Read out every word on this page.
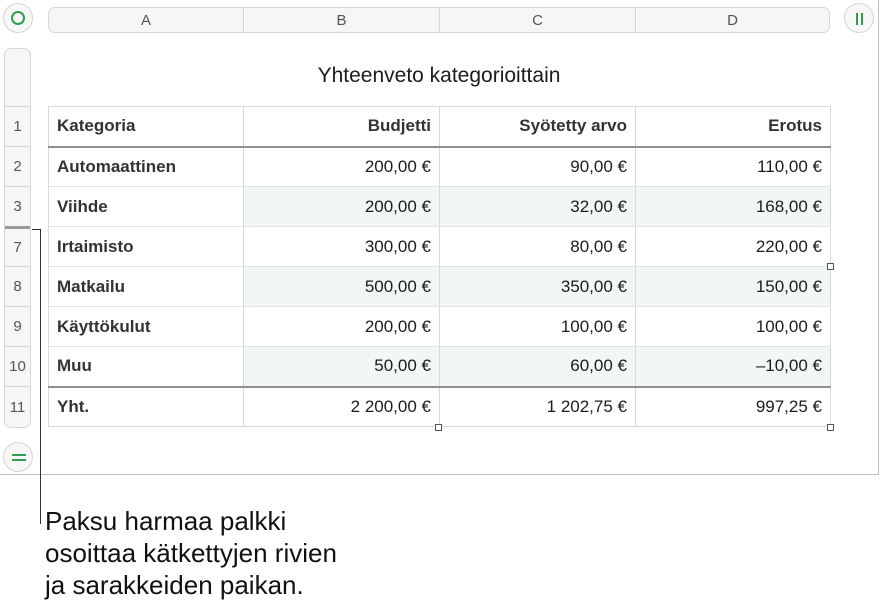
A	B	C	D
1
2
3
7
8
9
10
11
Yhteenveto kategorioittain
Kategoria	Budjetti	Syötetty arvo	Erotus
Automaattinen	200,00 €	90,00 €	110,00 €
Viihde	200,00 €	32,00 €	168,00 €
Irtaimisto	300,00 €	80,00 €	220,00 €
Matkailu	500,00 €	350,00 €	150,00 €
Käyttökulut	200,00 €	100,00 €	100,00 €
Muu	50,00 €	60,00 €	–10,00 €
Yht.	2 200,00 €	1 202,75 €	997,25 €
Paksu harmaa palkki
osoittaa kätkettyjen rivien
ja sarakkeiden paikan.
